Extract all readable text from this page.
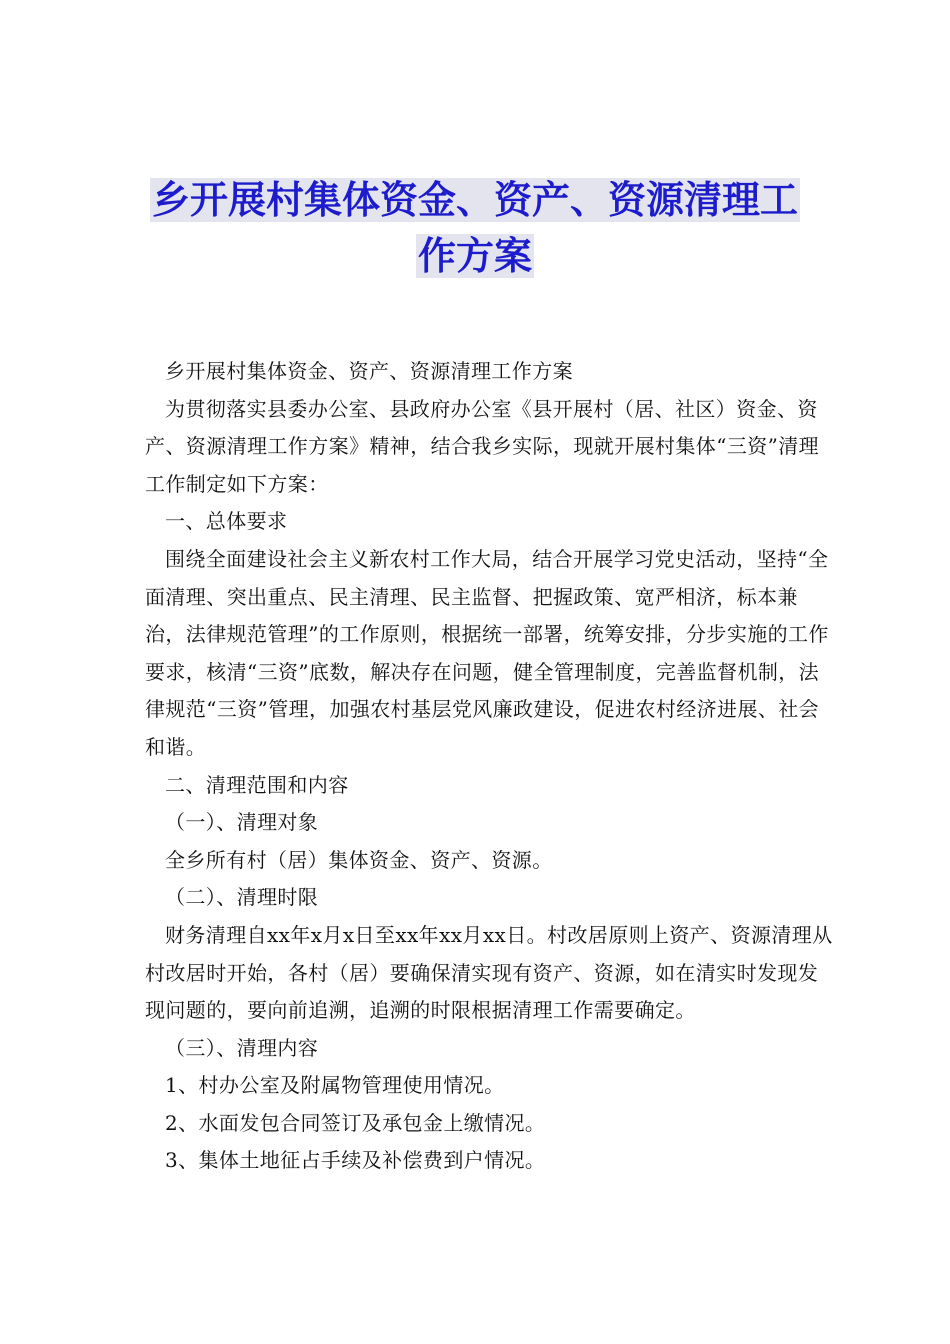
乡开展村集体资金、资产、资源清理工
作方案

乡开展村集体资金、资产、资源清理工作方案

为贯彻落实县委办公室、县政府办公室《县开展村（居、社区）资金、资产、资源清理工作方案》精神，结合我乡实际，现就开展村集体“三资”清理工作制定如下方案：

一、总体要求

围绕全面建设社会主义新农村工作大局，结合开展学习党史活动，坚持“全面清理、突出重点、民主清理、民主监督、把握政策、宽严相济，标本兼治，法律规范管理”的工作原则，根据统一部署，统筹安排，分步实施的工作要求，核清“三资”底数，解决存在问题，健全管理制度，完善监督机制，法律规范“三资”管理，加强农村基层党风廉政建设，促进农村经济进展、社会和谐。

二、清理范围和内容

（一）、清理对象

全乡所有村（居）集体资金、资产、资源。

（二）、清理时限

财务清理自xx年x月x日至xx年xx月xx日。村改居原则上资产、资源清理从村改居时开始，各村（居）要确保清实现有资产、资源，如在清实时发现发现问题的，要向前追溯，追溯的时限根据清理工作需要确定。

（三）、清理内容

1、村办公室及附属物管理使用情况。

2、水面发包合同签订及承包金上缴情况。

3、集体土地征占手续及补偿费到户情况。
